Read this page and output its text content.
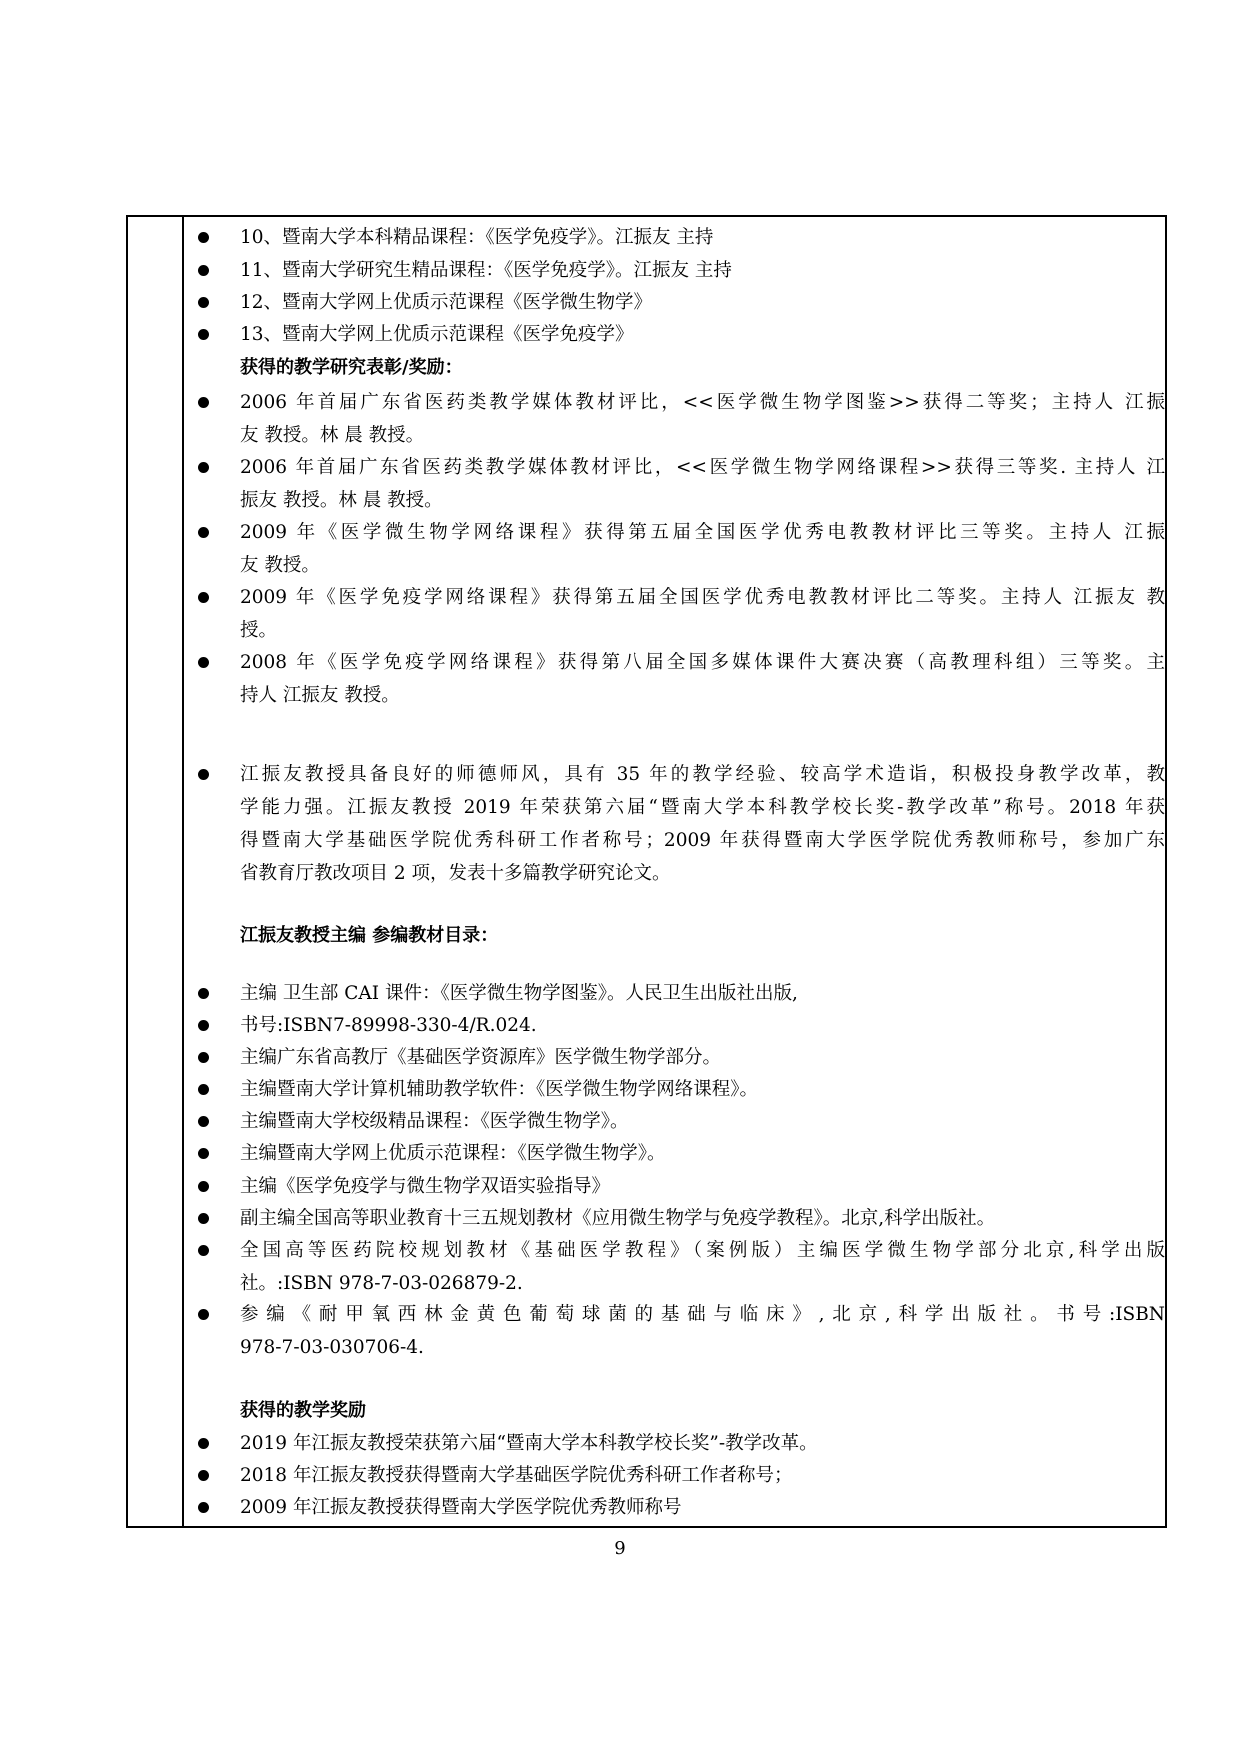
10、暨南大学本科精品课程：《医学免疫学》。江振友 主持
11、暨南大学研究生精品课程：《医学免疫学》。江振友 主持
12、暨南大学网上优质示范课程《医学微生物学》
13、暨南大学网上优质示范课程《医学免疫学》
获得的教学研究表彰/奖励：
2006 年首届广东省医药类教学媒体教材评比，<<医学微生物学图鉴>>获得二等奖；主持人 江振
友 教授。林 晨 教授。
2006 年首届广东省医药类教学媒体教材评比，<<医学微生物学网络课程>>获得三等奖. 主持人 江
振友 教授。林 晨 教授。
2009 年《医学微生物学网络课程》获得第五届全国医学优秀电教教材评比三等奖。主持人 江振
友 教授。
2009 年《医学免疫学网络课程》获得第五届全国医学优秀电教教材评比二等奖。主持人 江振友 教
授。
2008 年《医学免疫学网络课程》获得第八届全国多媒体课件大赛决赛（高教理科组）三等奖。主
持人 江振友 教授。
江振友教授具备良好的师德师风，具有 35 年的教学经验、较高学术造诣，积极投身教学改革，教
学能力强。江振友教授 2019 年荣获第六届“暨南大学本科教学校长奖-教学改革”称号。2018 年获
得暨南大学基础医学院优秀科研工作者称号；2009 年获得暨南大学医学院优秀教师称号，参加广东
省教育厅教改项目 2 项，发表十多篇教学研究论文。
江振友教授主编 参编教材目录：
主编 卫生部 CAI 课件：《医学微生物学图鉴》。人民卫生出版社出版,
书号:ISBN7-89998-330-4/R.024.
主编广东省高教厅《基础医学资源库》医学微生物学部分。
主编暨南大学计算机辅助教学软件：《医学微生物学网络课程》。
主编暨南大学校级精品课程：《医学微生物学》。
主编暨南大学网上优质示范课程：《医学微生物学》。
主编《医学免疫学与微生物学双语实验指导》
副主编全国高等职业教育十三五规划教材《应用微生物学与免疫学教程》。北京,科学出版社。
全国高等医药院校规划教材《基础医学教程》（案例版）主编医学微生物学部分北京,科学出版
社。:ISBN 978-7-03-026879-2.
参编《耐甲氧西林金黄色葡萄球菌的基础与临床》,北京,科学出版社。书号:ISBN
978-7-03-030706-4.
获得的教学奖励
2019 年江振友教授荣获第六届“暨南大学本科教学校长奖”-教学改革。
2018 年江振友教授获得暨南大学基础医学院优秀科研工作者称号；
2009 年江振友教授获得暨南大学医学院优秀教师称号
9
